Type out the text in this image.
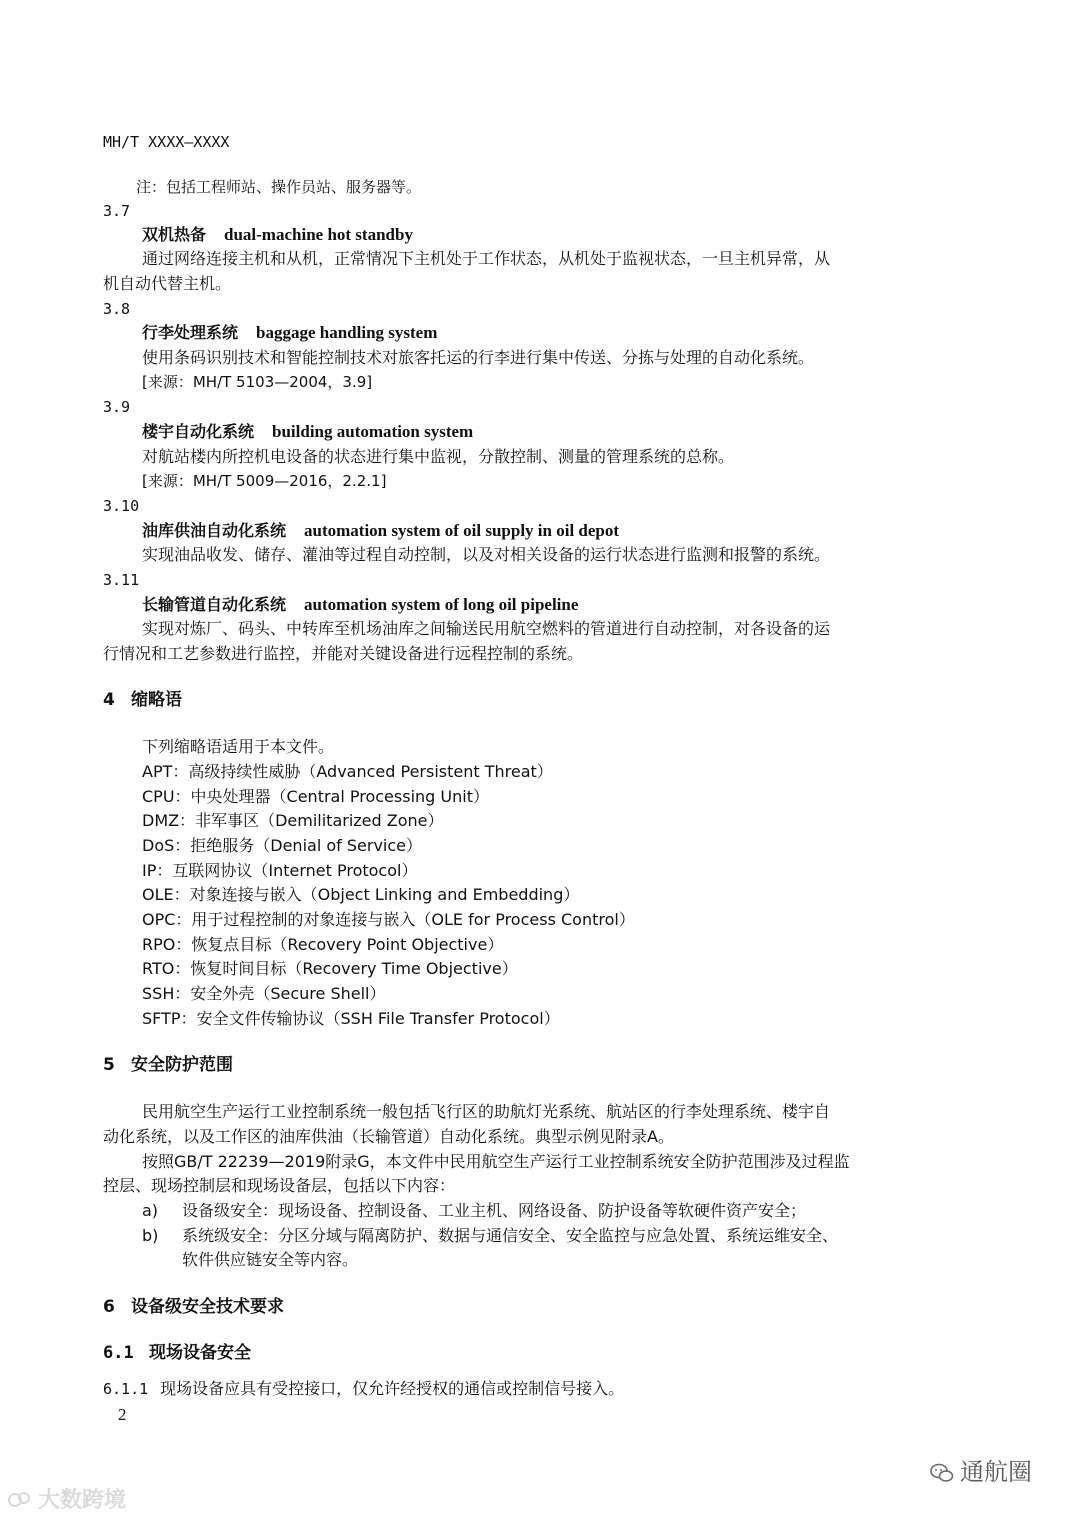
MH/T XXXX—XXXX
注：包括工程师站、操作员站、服务器等。
3.7
双机热备 dual-machine hot standby
通过网络连接主机和从机，正常情况下主机处于工作状态，从机处于监视状态，一旦主机异常，从
机自动代替主机。
3.8
行李处理系统 baggage handling system
使用条码识别技术和智能控制技术对旅客托运的行李进行集中传送、分拣与处理的自动化系统。
[来源：MH/T 5103—2004，3.9]
3.9
楼宇自动化系统 building automation system
对航站楼内所控机电设备的状态进行集中监视，分散控制、测量的管理系统的总称。
[来源：MH/T 5009—2016，2.2.1]
3.10
油库供油自动化系统 automation system of oil supply in oil depot
实现油品收发、储存、灌油等过程自动控制，以及对相关设备的运行状态进行监测和报警的系统。
3.11
长输管道自动化系统 automation system of long oil pipeline
实现对炼厂、码头、中转库至机场油库之间输送民用航空燃料的管道进行自动控制，对各设备的运
行情况和工艺参数进行监控，并能对关键设备进行远程控制的系统。
4 缩略语
下列缩略语适用于本文件。
APT：高级持续性威胁（Advanced Persistent Threat）
CPU：中央处理器（Central Processing Unit）
DMZ：非军事区（Demilitarized Zone）
DoS：拒绝服务（Denial of Service）
IP：互联网协议（Internet Protocol）
OLE：对象连接与嵌入（Object Linking and Embedding）
OPC：用于过程控制的对象连接与嵌入（OLE for Process Control）
RPO：恢复点目标（Recovery Point Objective）
RTO：恢复时间目标（Recovery Time Objective）
SSH：安全外壳（Secure Shell）
SFTP：安全文件传输协议（SSH File Transfer Protocol）
5 安全防护范围
民用航空生产运行工业控制系统一般包括飞行区的助航灯光系统、航站区的行李处理系统、楼宇自
动化系统，以及工作区的油库供油（长输管道）自动化系统。典型示例见附录A。
按照GB/T 22239—2019附录G，本文件中民用航空生产运行工业控制系统安全防护范围涉及过程监
控层、现场控制层和现场设备层，包括以下内容：
a) 设备级安全：现场设备、控制设备、工业主机、网络设备、防护设备等软硬件资产安全；
b) 系统级安全：分区分域与隔离防护、数据与通信安全、安全监控与应急处置、系统运维安全、
软件供应链安全等内容。
6 设备级安全技术要求
6.1 现场设备安全
6.1.1 现场设备应具有受控接口，仅允许经授权的通信或控制信号接入。
2
大数跨境
通航圈
